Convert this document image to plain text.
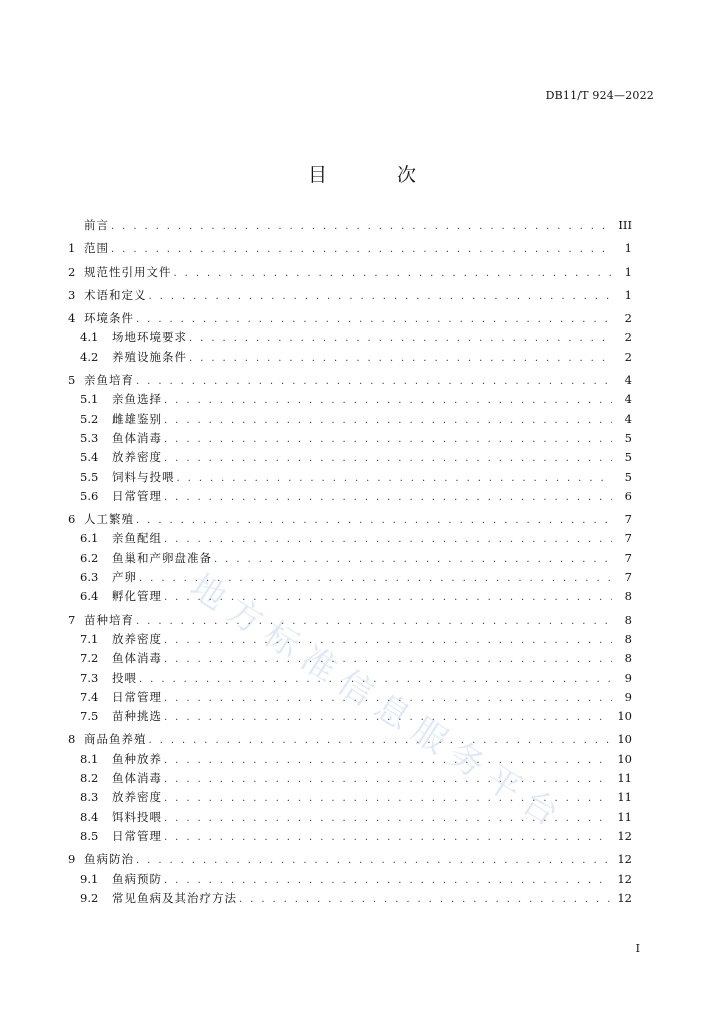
DB11/T 924—2022
目 次
前言 . . .	III
1 范围 . . .	1
2 规范性引用文件 . . .	1
3 术语和定义 . . .	1
4 环境条件 . . .	2
4.1	场地环境要求 . . .	2
4.2	养殖设施条件 . . .	2
5 亲鱼培育 . . .	4
5.1	亲鱼选择 . . .	4
5.2	雌雄鉴别 . . .	4
5.3	鱼体消毒 . . .	5
5.4	放养密度 . . .	5
5.5	饲料与投喂 . . .	5
5.6	日常管理 . . .	6
6 人工繁殖 . . .	7
6.1	亲鱼配组 . . .	7
6.2	鱼巢和产卵盘准备 . . .	7
6.3	产卵 . . .	7
6.4	孵化管理 . . .	8
7 苗种培育 . . .	8
7.1	放养密度 . . .	8
7.2	鱼体消毒 . . .	8
7.3	投喂 . . .	9
7.4	日常管理 . . .	9
7.5	苗种挑选 . . .	10
8 商品鱼养殖 . . .	10
8.1	鱼种放养 . . .	10
8.2	鱼体消毒 . . .	11
8.3	放养密度 . . .	11
8.4	饵料投喂 . . .	11
8.5	日常管理 . . .	12
9 鱼病防治 . . .	12
9.1	鱼病预防 . . .	12
9.2	常见鱼病及其治疗方法 . . .	12
地方标准信息服务平台
I
